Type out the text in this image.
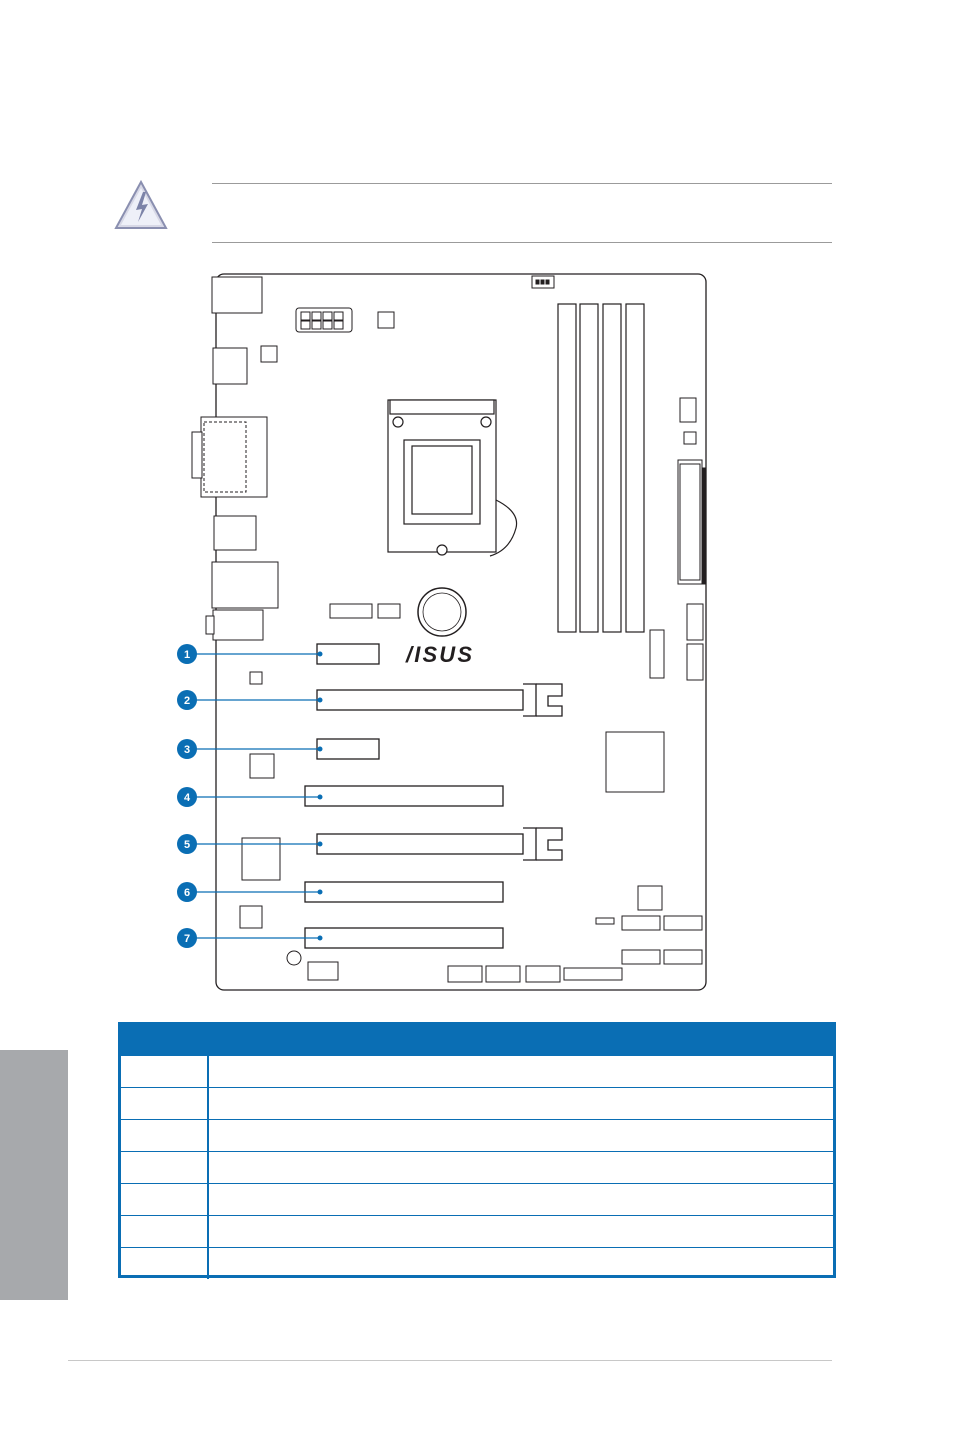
/ISUS
1
2
3
4
5
6
7
